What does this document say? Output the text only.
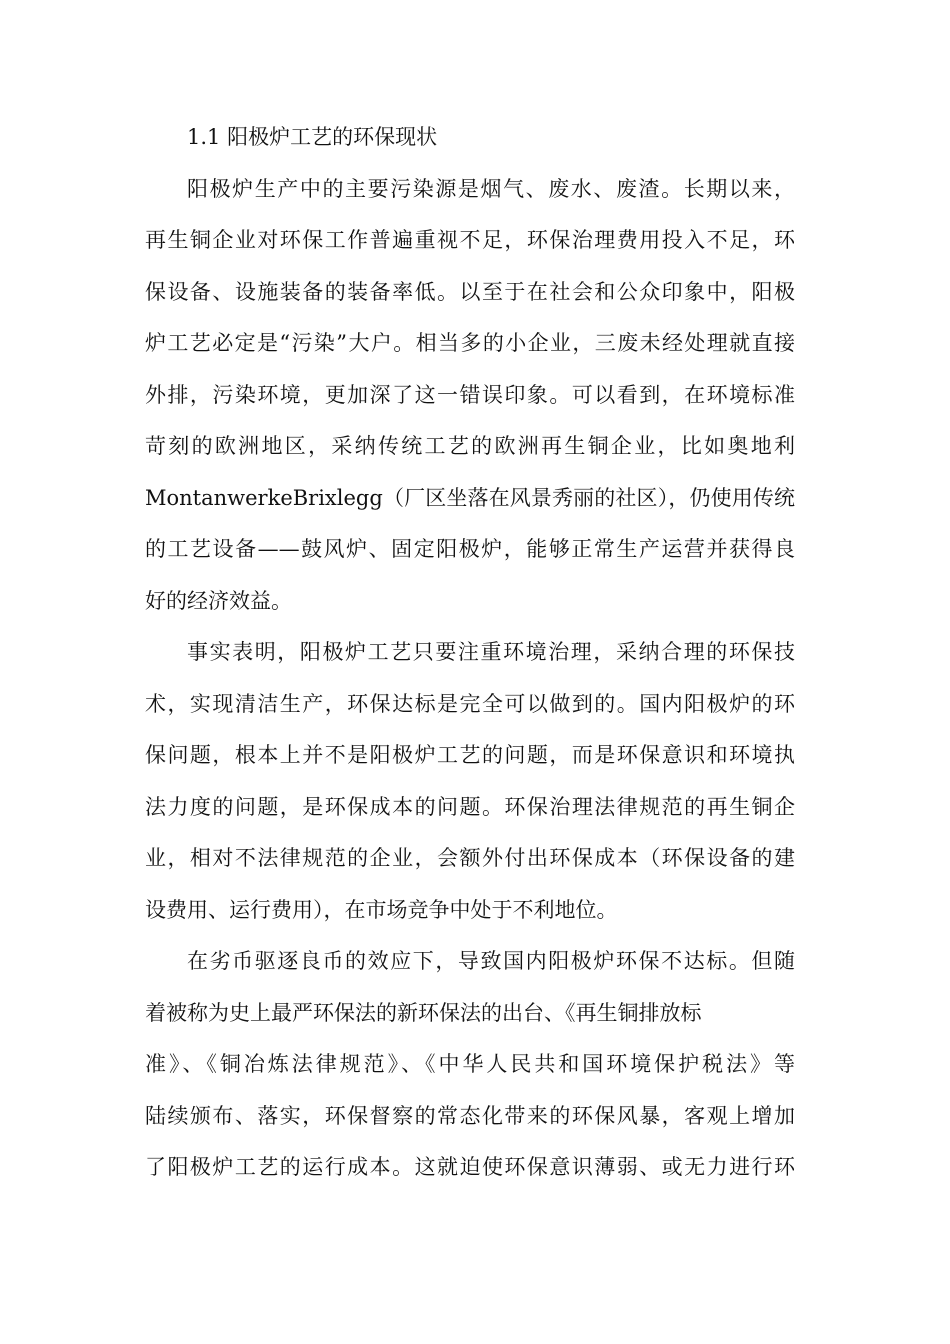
1.1 阳极炉工艺的环保现状
阳极炉生产中的主要污染源是烟气、废水、废渣。长期以来，
再生铜企业对环保工作普遍重视不足，环保治理费用投入不足，环
保设备、设施装备的装备率低。以至于在社会和公众印象中，阳极
炉工艺必定是“污染”大户。相当多的小企业，三废未经处理就直接
外排，污染环境，更加深了这一错误印象。可以看到，在环境标准
苛刻的欧洲地区，采纳传统工艺的欧洲再生铜企业，比如奥地利
MontanwerkeBrixlegg（厂区坐落在风景秀丽的社区），仍使用传统
的工艺设备——鼓风炉、固定阳极炉，能够正常生产运营并获得良
好的经济效益。
事实表明，阳极炉工艺只要注重环境治理，采纳合理的环保技
术，实现清洁生产，环保达标是完全可以做到的。国内阳极炉的环
保问题，根本上并不是阳极炉工艺的问题，而是环保意识和环境执
法力度的问题，是环保成本的问题。环保治理法律规范的再生铜企
业，相对不法律规范的企业，会额外付出环保成本（环保设备的建
设费用、运行费用），在市场竞争中处于不利地位。
在劣币驱逐良币的效应下，导致国内阳极炉环保不达标。但随
着被称为史上最严环保法的新环保法的出台、《再生铜排放标
准》、《铜冶炼法律规范》、《中华人民共和国环境保护税法》等
陆续颁布、落实，环保督察的常态化带来的环保风暴，客观上增加
了阳极炉工艺的运行成本。这就迫使环保意识薄弱、或无力进行环
